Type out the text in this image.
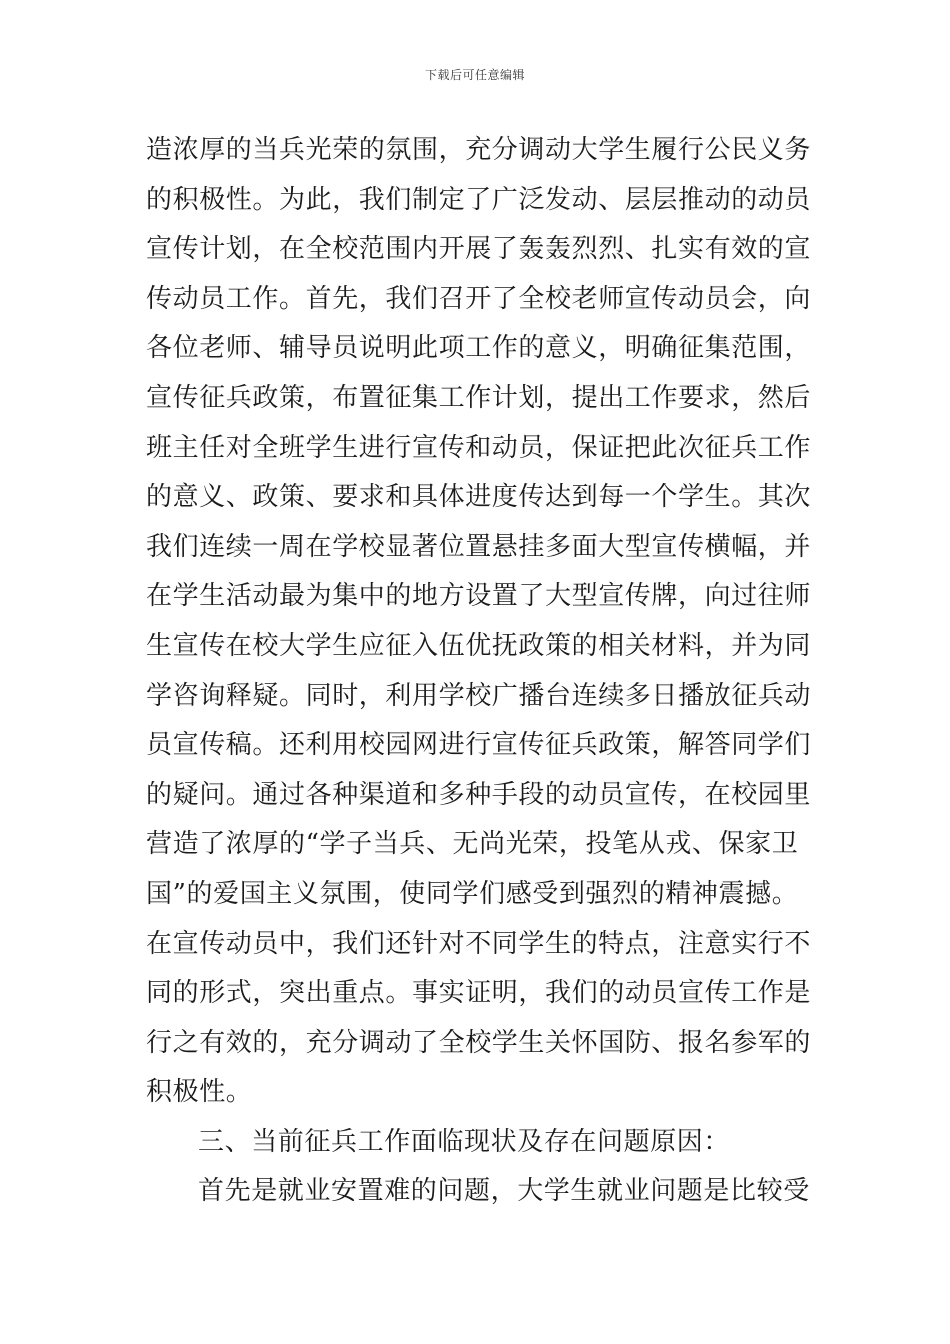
下载后可任意编辑
造浓厚的当兵光荣的氛围，充分调动大学生履行公民义务
的积极性。为此，我们制定了广泛发动、层层推动的动员
宣传计划，在全校范围内开展了轰轰烈烈、扎实有效的宣
传动员工作。首先，我们召开了全校老师宣传动员会，向
各位老师、辅导员说明此项工作的意义，明确征集范围，
宣传征兵政策，布置征集工作计划，提出工作要求，然后
班主任对全班学生进行宣传和动员，保证把此次征兵工作
的意义、政策、要求和具体进度传达到每一个学生。其次
我们连续一周在学校显著位置悬挂多面大型宣传横幅，并
在学生活动最为集中的地方设置了大型宣传牌，向过往师
生宣传在校大学生应征入伍优抚政策的相关材料，并为同
学咨询释疑。同时，利用学校广播台连续多日播放征兵动
员宣传稿。还利用校园网进行宣传征兵政策，解答同学们
的疑问。通过各种渠道和多种手段的动员宣传，在校园里
营造了浓厚的“学子当兵、无尚光荣，投笔从戎、保家卫
国”的爱国主义氛围，使同学们感受到强烈的精神震撼。
在宣传动员中，我们还针对不同学生的特点，注意实行不
同的形式，突出重点。事实证明，我们的动员宣传工作是
行之有效的，充分调动了全校学生关怀国防、报名参军的
积极性。
三、当前征兵工作面临现状及存在问题原因：
首先是就业安置难的问题，大学生就业问题是比较受
